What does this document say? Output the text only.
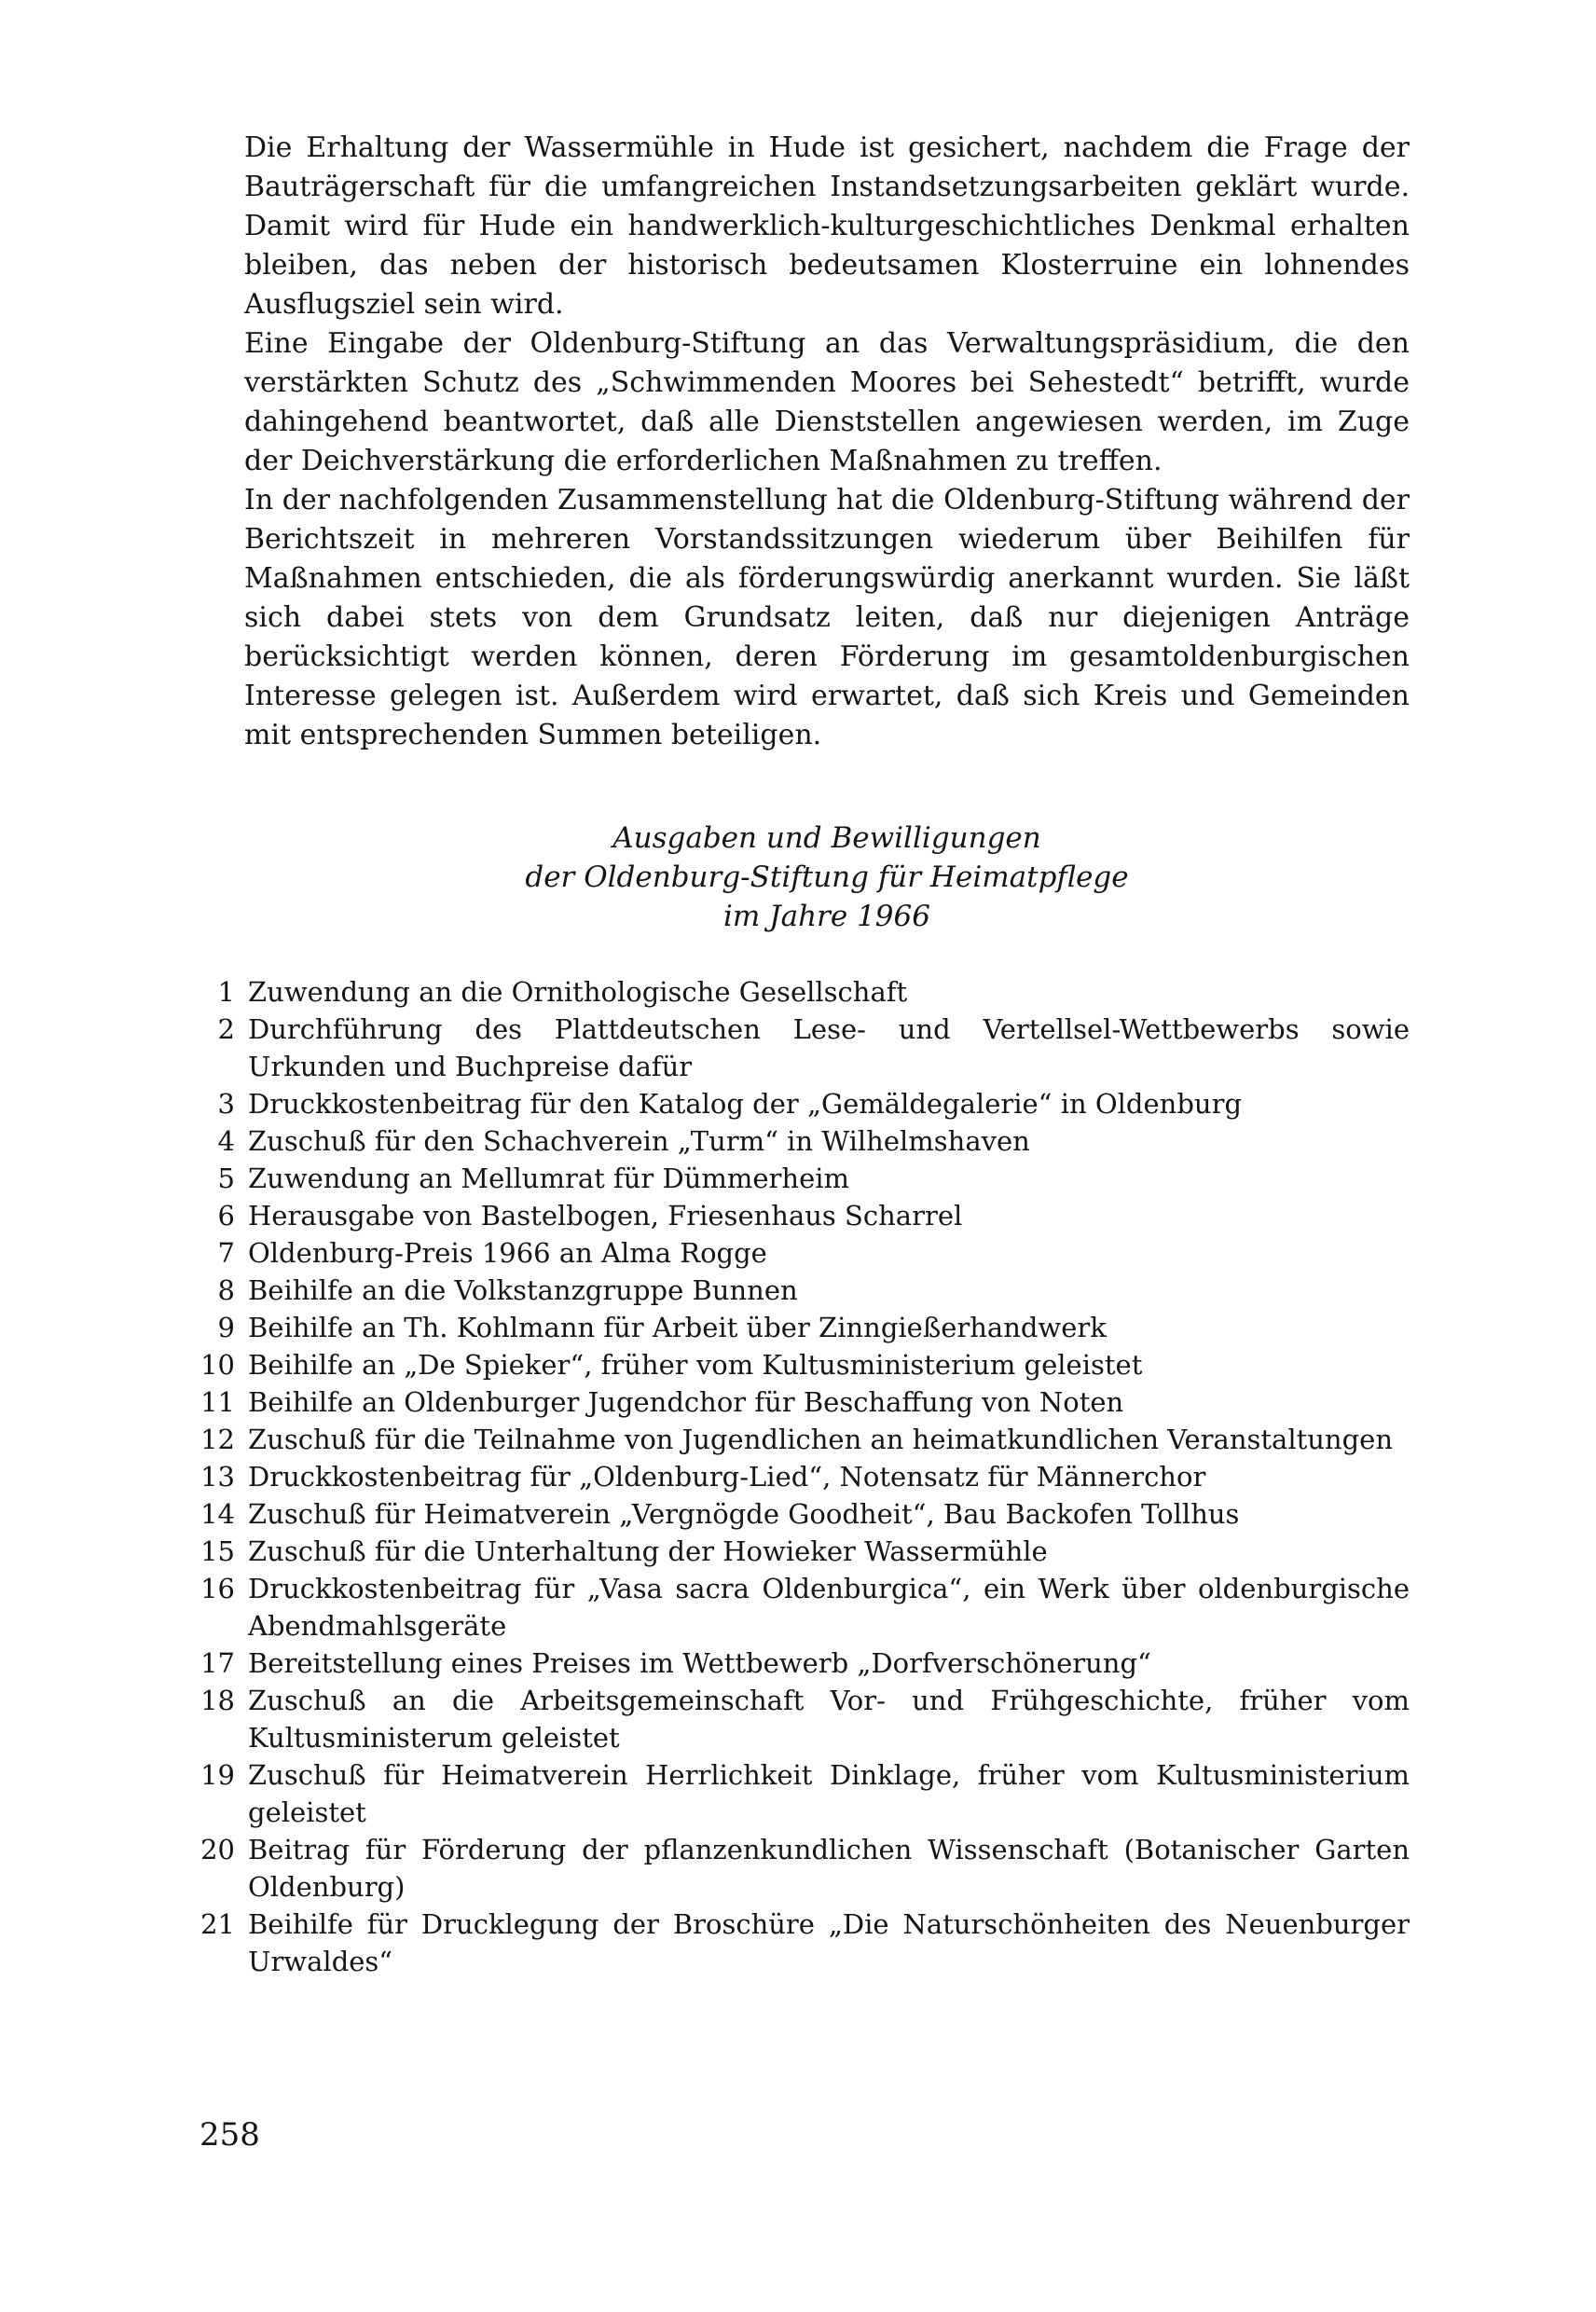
Die Erhaltung der Wassermühle in Hude ist gesichert, nachdem die Frage der Bauträgerschaft für die umfangreichen Instandsetzungsarbeiten geklärt wurde. Damit wird für Hude ein handwerklich-kulturgeschichtliches Denkmal erhalten bleiben, das neben der historisch bedeutsamen Klosterruine ein lohnendes Ausflugsziel sein wird.

Eine Eingabe der Oldenburg-Stiftung an das Verwaltungspräsidium, die den verstärkten Schutz des „Schwimmenden Moores bei Sehestedt“ betrifft, wurde dahingehend beantwortet, daß alle Dienststellen angewiesen werden, im Zuge der Deichverstärkung die erforderlichen Maßnahmen zu treffen.

In der nachfolgenden Zusammenstellung hat die Oldenburg-Stiftung während der Berichtszeit in mehreren Vorstandssitzungen wiederum über Beihilfen für Maßnahmen entschieden, die als förderungswürdig anerkannt wurden. Sie läßt sich dabei stets von dem Grundsatz leiten, daß nur diejenigen Anträge berücksichtigt werden können, deren Förderung im gesamtoldenburgischen Interesse gelegen ist. Außerdem wird erwartet, daß sich Kreis und Gemeinden mit entsprechenden Summen beteiligen.

Ausgaben und Bewilligungen
der Oldenburg-Stiftung für Heimatpflege
im Jahre 1966
1 Zuwendung an die Ornithologische Gesellschaft
2 Durchführung des Plattdeutschen Lese- und Vertellsel-Wettbewerbs sowie Urkunden und Buchpreise dafür
3 Druckkostenbeitrag für den Katalog der „Gemäldegalerie“ in Oldenburg
4 Zuschuß für den Schachverein „Turm“ in Wilhelmshaven
5 Zuwendung an Mellumrat für Dümmerheim
6 Herausgabe von Bastelbogen, Friesenhaus Scharrel
7 Oldenburg-Preis 1966 an Alma Rogge
8 Beihilfe an die Volkstanzgruppe Bunnen
9 Beihilfe an Th. Kohlmann für Arbeit über Zinngießerhandwerk
10 Beihilfe an „De Spieker“, früher vom Kultusministerium geleistet
11 Beihilfe an Oldenburger Jugendchor für Beschaffung von Noten
12 Zuschuß für die Teilnahme von Jugendlichen an heimatkundlichen Veranstaltungen
13 Druckkostenbeitrag für „Oldenburg-Lied“, Notensatz für Männerchor
14 Zuschuß für Heimatverein „Vergnögde Goodheit“, Bau Backofen Tollhus
15 Zuschuß für die Unterhaltung der Howieker Wassermühle
16 Druckkostenbeitrag für „Vasa sacra Oldenburgica“, ein Werk über oldenburgische Abendmahlsgeräte
17 Bereitstellung eines Preises im Wettbewerb „Dorfverschönerung“
18 Zuschuß an die Arbeitsgemeinschaft Vor- und Frühgeschichte, früher vom Kultusministerum geleistet
19 Zuschuß für Heimatverein Herrlichkeit Dinklage, früher vom Kultusministerium geleistet
20 Beitrag für Förderung der pflanzenkundlichen Wissenschaft (Botanischer Garten Oldenburg)
21 Beihilfe für Drucklegung der Broschüre „Die Naturschönheiten des Neuenburger Urwaldes“
258
